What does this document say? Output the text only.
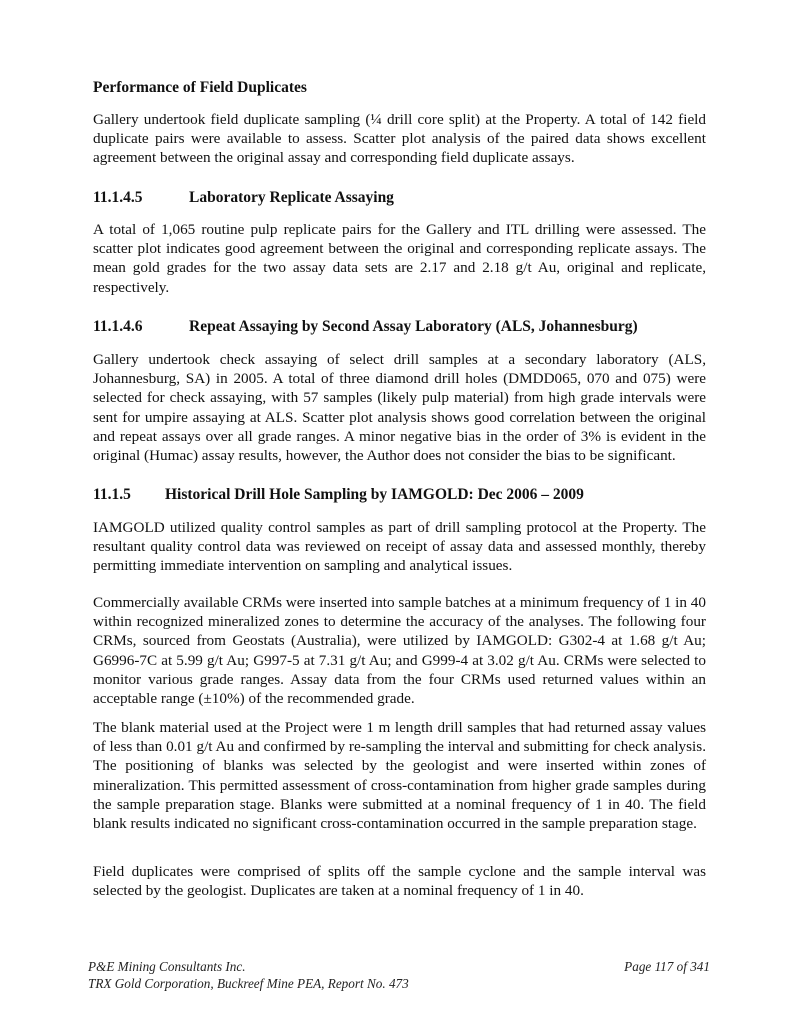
Performance of Field Duplicates

Gallery undertook field duplicate sampling (¼ drill core split) at the Property. A total of 142 field duplicate pairs were available to assess. Scatter plot analysis of the paired data shows excellent agreement between the original assay and corresponding field duplicate assays.

11.1.4.5	Laboratory Replicate Assaying

A total of 1,065 routine pulp replicate pairs for the Gallery and ITL drilling were assessed. The scatter plot indicates good agreement between the original and corresponding replicate assays. The mean gold grades for the two assay data sets are 2.17 and 2.18 g/t Au, original and replicate, respectively.

11.1.4.6	Repeat Assaying by Second Assay Laboratory (ALS, Johannesburg)

Gallery undertook check assaying of select drill samples at a secondary laboratory (ALS, Johannesburg, SA) in 2005. A total of three diamond drill holes (DMDD065, 070 and 075) were selected for check assaying, with 57 samples (likely pulp material) from high grade intervals were sent for umpire assaying at ALS. Scatter plot analysis shows good correlation between the original and repeat assays over all grade ranges. A minor negative bias in the order of 3% is evident in the original (Humac) assay results, however, the Author does not consider the bias to be significant.

11.1.5 Historical Drill Hole Sampling by IAMGOLD: Dec 2006 – 2009

IAMGOLD utilized quality control samples as part of drill sampling protocol at the Property. The resultant quality control data was reviewed on receipt of assay data and assessed monthly, thereby permitting immediate intervention on sampling and analytical issues.

Commercially available CRMs were inserted into sample batches at a minimum frequency of 1 in 40 within recognized mineralized zones to determine the accuracy of the analyses. The following four CRMs, sourced from Geostats (Australia), were utilized by IAMGOLD: G302-4 at 1.68 g/t Au; G6996-7C at 5.99 g/t Au; G997-5 at 7.31 g/t Au; and G999-4 at 3.02 g/t Au. CRMs were selected to monitor various grade ranges. Assay data from the four CRMs used returned values within an acceptable range (±10%) of the recommended grade.

The blank material used at the Project were 1 m length drill samples that had returned assay values of less than 0.01 g/t Au and confirmed by re-sampling the interval and submitting for check analysis. The positioning of blanks was selected by the geologist and were inserted within zones of mineralization. This permitted assessment of cross-contamination from higher grade samples during the sample preparation stage. Blanks were submitted at a nominal frequency of 1 in 40. The field blank results indicated no significant cross-contamination occurred in the sample preparation stage.

Field duplicates were comprised of splits off the sample cyclone and the sample interval was selected by the geologist. Duplicates are taken at a nominal frequency of 1 in 40.

P&E Mining Consultants Inc.
TRX Gold Corporation, Buckreef Mine PEA, Report No. 473
Page 117 of 341
